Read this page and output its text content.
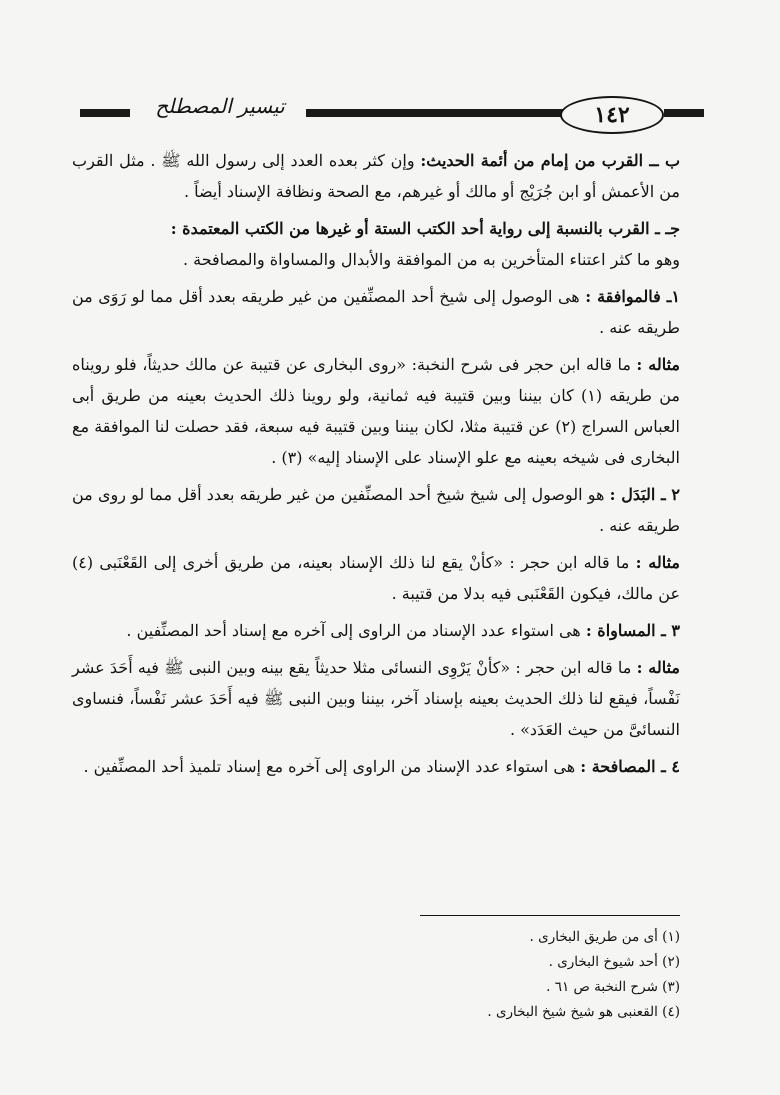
تيسير المصطلح	١٤٢

ب ــ القرب من إمام من أئمة الحديث: وإن كثر بعده العدد إلى رسول الله ﷺ . مثل القرب من الأعمش أو ابن جُرَيْج أو مالك أو غيرهم، مع الصحة ونظافة الإسناد أيضاً .

جـ ـ القرب بالنسبة إلى رواية أحد الكتب الستة أو غيرها من الكتب المعتمدة :
وهو ما كثر اعتناء المتأخرين به من الموافقة والأبدال والمساواة والمصافحة .

١ـ فالموافقة : هى الوصول إلى شيخ أحد المصنِّفين من غير طريقه بعدد أقل مما لو رَوَى من طريقه عنه .

مثاله : ما قاله ابن حجر فى شرح النخبة: «روى البخارى عن قتيبة عن مالك حديثاً، فلو رويناه من طريقه (١) كان بيننا وبين قتيبة فيه ثمانية، ولو روينا ذلك الحديث بعينه من طريق أبى العباس السراج (٢) عن قتيبة مثلا، لكان بيننا وبين قتيبة فيه سبعة، فقد حصلت لنا الموافقة مع البخارى فى شيخه بعينه مع علو الإسناد على الإسناد إليه» (٣) .

٢ ـ البَدَل : هو الوصول إلى شيخ شيخ أحد المصنِّفين من غير طريقه بعدد أقل مما لو روى من طريقه عنه .

مثاله : ما قاله ابن حجر : «كأنْ يقع لنا ذلك الإسناد بعينه، من طريق أخرى إلى القَعْنَبى (٤) عن مالك، فيكون القَعْنَبى فيه بدلا من قتيبة .

٣ ـ المساواة : هى استواء عدد الإسناد من الراوى إلى آخره مع إسناد أحد المصنِّفين .

مثاله : ما قاله ابن حجر : «كأنْ يَرْوِى النسائى مثلا حديثاً يقع بينه وبين النبى ﷺ فيه أَحَدَ عشر نَفْساً، فيقع لنا ذلك الحديث بعينه بإسناد آخر، بيننا وبين النبى ﷺ فيه أَحَدَ عشر نَفْساً، فنساوى النسائىَّ من حيث العَدَد» .

٤ ـ المصافحة : هى استواء عدد الإسناد من الراوى إلى آخره مع إسناد تلميذ أحد المصنِّفين .

(١) أى من طريق البخارى .

(٢) أحد شيوخ البخارى .

(٣) شرح النخبة ص ٦١ .

(٤) القعنبى هو شيخ شيخ البخارى .
